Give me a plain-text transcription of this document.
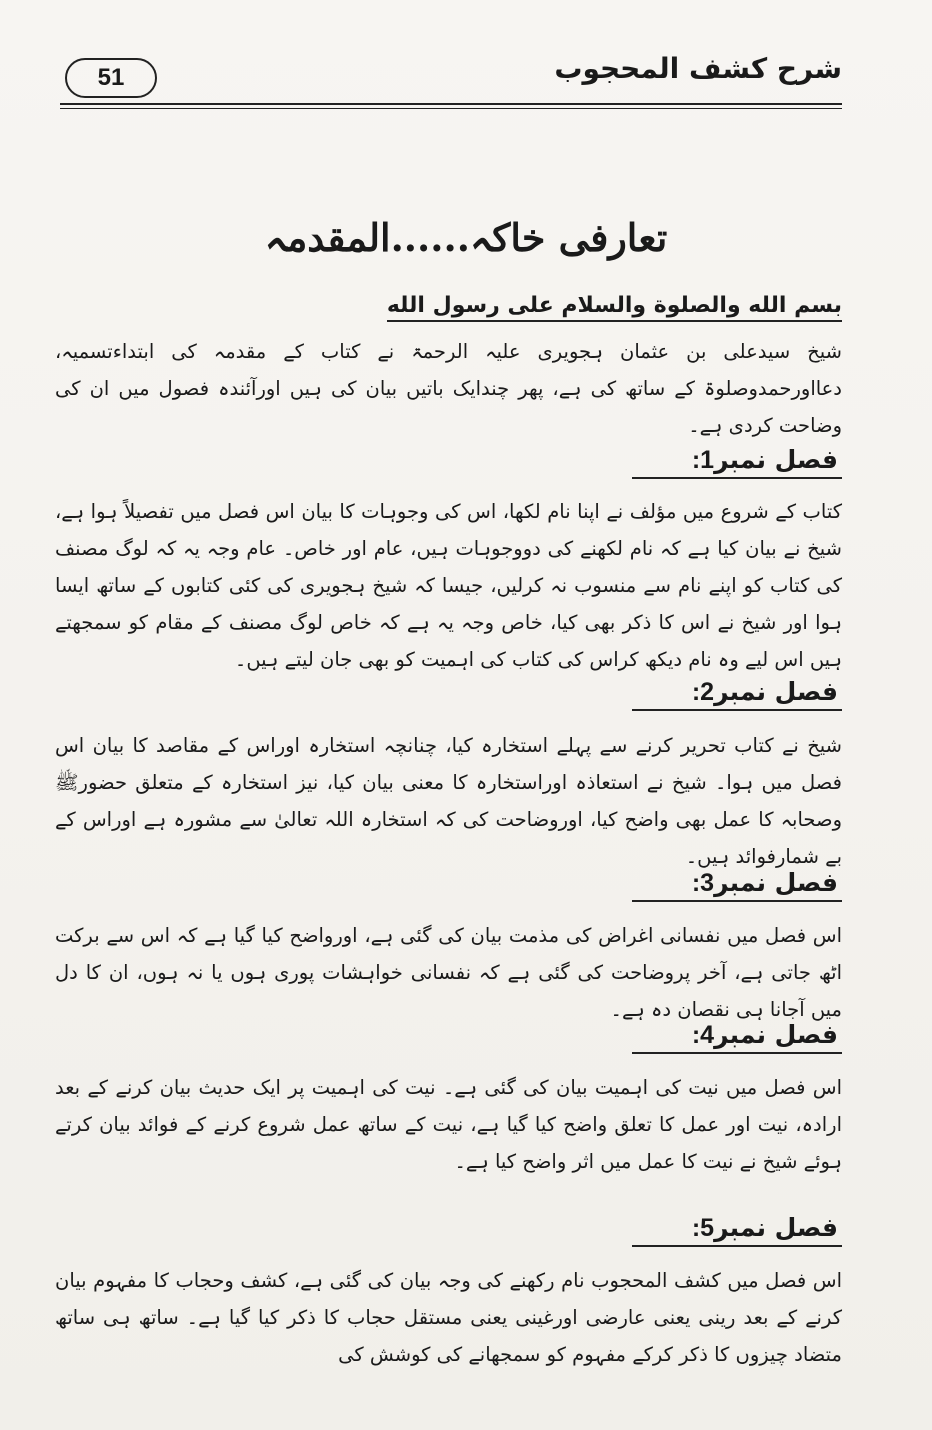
51	شرح كشف المحجوب
تعارفی خاکہ......المقدمہ
بسم الله والصلوة والسلام علی رسول الله

شیخ سیدعلی بن عثمان ہجویری علیہ الرحمۃ نے کتاب کے مقدمہ کی ابتداءتسمیہ، دعااورحمدوصلوۃ کے ساتھ کی ہے، پھر چندایک باتیں بیان کی ہیں اورآئندہ فصول میں ان کی وضاحت کردی ہے۔

فصل نمبر1:

کتاب کے شروع میں مؤلف نے اپنا نام لکھا، اس کی وجوہات کا بیان اس فصل میں تفصیلاً ہوا ہے، شیخ نے بیان کیا ہے کہ نام لکھنے کی دووجوہات ہیں، عام اور خاص۔ عام وجہ یہ کہ لوگ مصنف کی کتاب کو اپنے نام سے منسوب نہ کرلیں، جیسا کہ شیخ ہجویری کی کئی کتابوں کے ساتھ ایسا ہوا اور شیخ نے اس کا ذکر بھی کیا، خاص وجہ یہ ہے کہ خاص لوگ مصنف کے مقام کو سمجھتے ہیں اس لیے وہ نام دیکھ کراس کی کتاب کی اہمیت کو بھی جان لیتے ہیں۔

فصل نمبر2:

شیخ نے کتاب تحریر کرنے سے پہلے استخارہ کیا، چنانچہ استخارہ اوراس کے مقاصد کا بیان اس فصل میں ہوا۔ شیخ نے استعاذہ اوراستخارہ کا معنی بیان کیا، نیز استخارہ کے متعلق حضورﷺ وصحابہ کا عمل بھی واضح کیا، اوروضاحت کی کہ استخارہ اللہ تعالیٰ سے مشورہ ہے اوراس کے بے شمارفوائد ہیں۔

فصل نمبر3:

اس فصل میں نفسانی اغراض کی مذمت بیان کی گئی ہے، اورواضح کیا گیا ہے کہ اس سے برکت اٹھ جاتی ہے، آخر پروضاحت کی گئی ہے کہ نفسانی خواہشات پوری ہوں یا نہ ہوں، ان کا دل میں آجانا ہی نقصان دہ ہے۔

فصل نمبر4:

اس فصل میں نیت کی اہمیت بیان کی گئی ہے۔ نیت کی اہمیت پر ایک حدیث بیان کرنے کے بعد ارادہ، نیت اور عمل کا تعلق واضح کیا گیا ہے، نیت کے ساتھ عمل شروع کرنے کے فوائد بیان کرتے ہوئے شیخ نے نیت کا عمل میں اثر واضح کیا ہے۔

فصل نمبر5:

اس فصل میں کشف المحجوب نام رکھنے کی وجہ بیان کی گئی ہے، کشف وحجاب کا مفہوم بیان کرنے کے بعد رینی یعنی عارضی اورغینی یعنی مستقل حجاب کا ذکر کیا گیا ہے۔ ساتھ ہی ساتھ متضاد چیزوں کا ذکر کرکے مفہوم کو سمجھانے کی کوشش کی
